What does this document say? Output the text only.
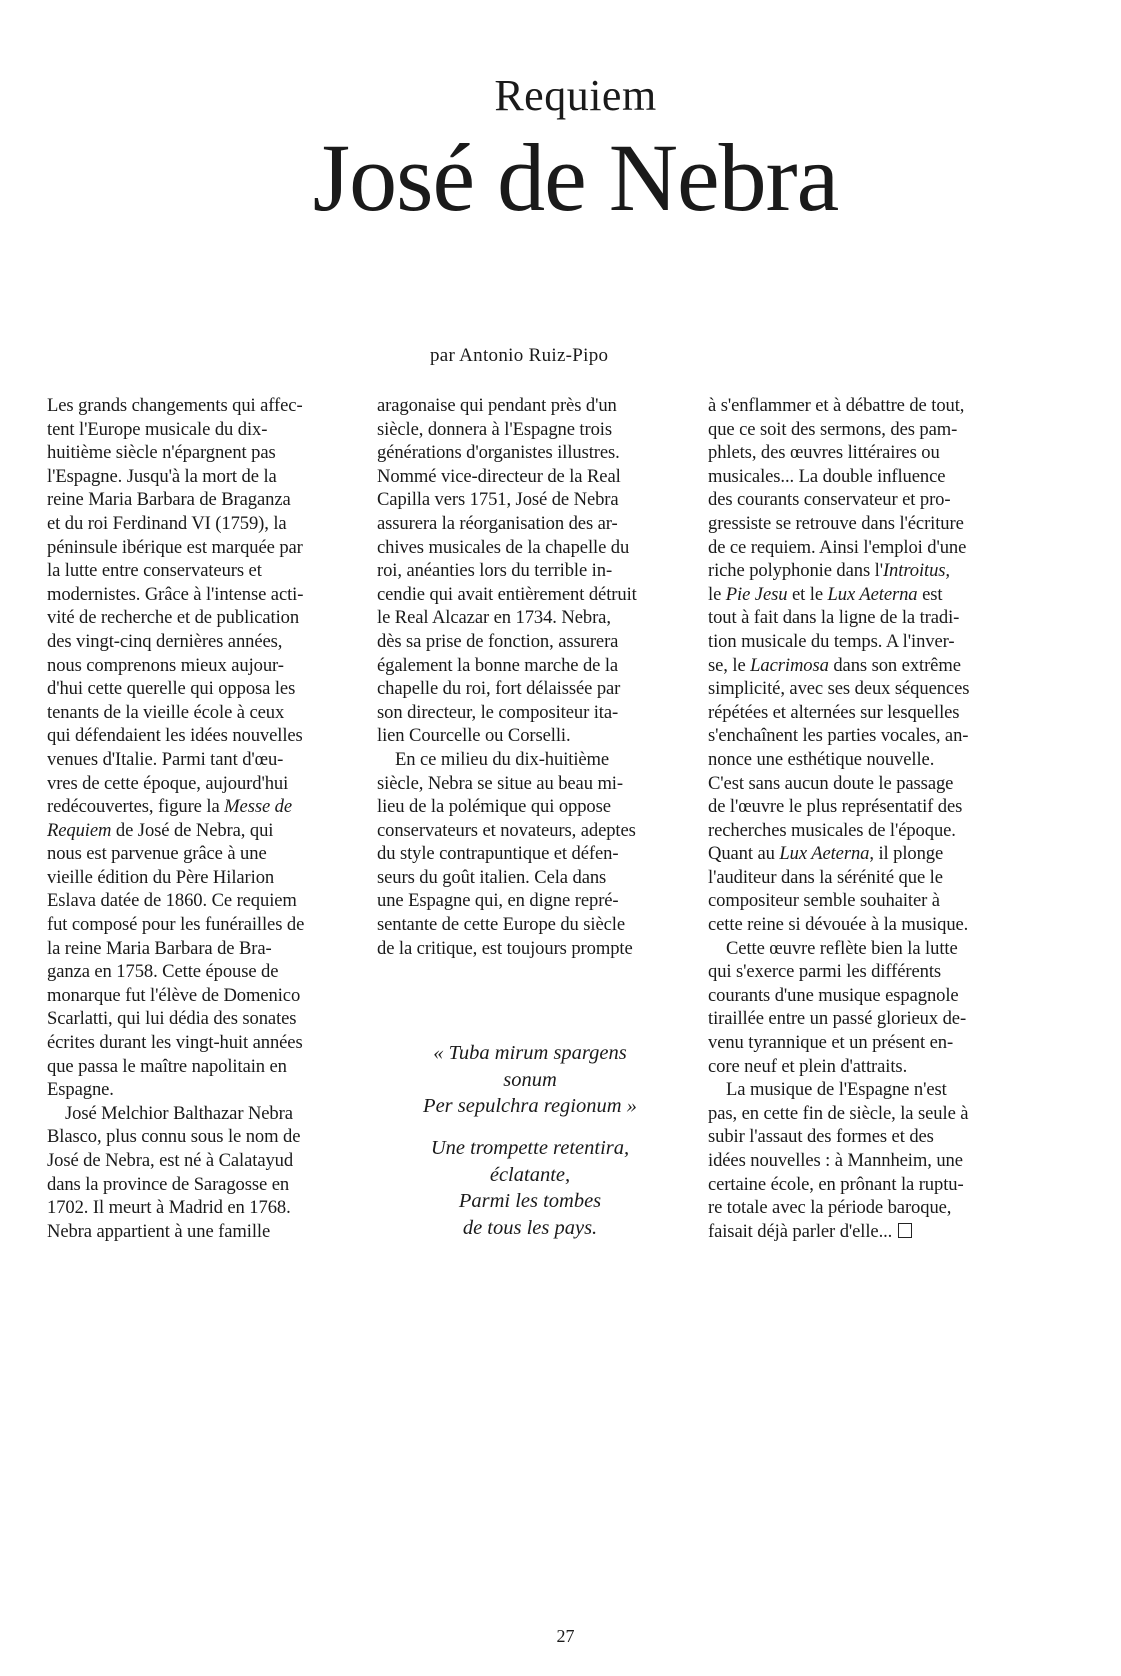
Requiem
José de Nebra
par Antonio Ruiz-Pipo
Les grands changements qui affec-
tent l'Europe musicale du dix-
huitième siècle n'épargnent pas
l'Espagne. Jusqu'à la mort de la
reine Maria Barbara de Braganza
et du roi Ferdinand VI (1759), la
péninsule ibérique est marquée par
la lutte entre conservateurs et
modernistes. Grâce à l'intense acti-
vité de recherche et de publication
des vingt-cinq dernières années,
nous comprenons mieux aujour-
d'hui cette querelle qui opposa les
tenants de la vieille école à ceux
qui défendaient les idées nouvelles
venues d'Italie. Parmi tant d'œu-
vres de cette époque, aujourd'hui
redécouvertes, figure la Messe de
Requiem de José de Nebra, qui
nous est parvenue grâce à une
vieille édition du Père Hilarion
Eslava datée de 1860. Ce requiem
fut composé pour les funérailles de
la reine Maria Barbara de Bra-
ganza en 1758. Cette épouse de
monarque fut l'élève de Domenico
Scarlatti, qui lui dédia des sonates
écrites durant les vingt-huit années
que passa le maître napolitain en
Espagne.
José Melchior Balthazar Nebra
Blasco, plus connu sous le nom de
José de Nebra, est né à Calatayud
dans la province de Saragosse en
1702. Il meurt à Madrid en 1768.
Nebra appartient à une famille
aragonaise qui pendant près d'un
siècle, donnera à l'Espagne trois
générations d'organistes illustres.
Nommé vice-directeur de la Real
Capilla vers 1751, José de Nebra
assurera la réorganisation des ar-
chives musicales de la chapelle du
roi, anéanties lors du terrible in-
cendie qui avait entièrement détruit
le Real Alcazar en 1734. Nebra,
dès sa prise de fonction, assurera
également la bonne marche de la
chapelle du roi, fort délaissée par
son directeur, le compositeur ita-
lien Courcelle ou Corselli.
En ce milieu du dix-huitième
siècle, Nebra se situe au beau mi-
lieu de la polémique qui oppose
conservateurs et novateurs, adeptes
du style contrapuntique et défen-
seurs du goût italien. Cela dans
une Espagne qui, en digne repré-
sentante de cette Europe du siècle
de la critique, est toujours prompte
à s'enflammer et à débattre de tout,
que ce soit des sermons, des pam-
phlets, des œuvres littéraires ou
musicales... La double influence
des courants conservateur et pro-
gressiste se retrouve dans l'écriture
de ce requiem. Ainsi l'emploi d'une
riche polyphonie dans l'Introitus,
le Pie Jesu et le Lux Aeterna est
tout à fait dans la ligne de la tradi-
tion musicale du temps. A l'inver-
se, le Lacrimosa dans son extrême
simplicité, avec ses deux séquences
répétées et alternées sur lesquelles
s'enchaînent les parties vocales, an-
nonce une esthétique nouvelle.
C'est sans aucun doute le passage
de l'œuvre le plus représentatif des
recherches musicales de l'époque.
Quant au Lux Aeterna, il plonge
l'auditeur dans la sérénité que le
compositeur semble souhaiter à
cette reine si dévouée à la musique.
Cette œuvre reflète bien la lutte
qui s'exerce parmi les différents
courants d'une musique espagnole
tiraillée entre un passé glorieux de-
venu tyrannique et un présent en-
core neuf et plein d'attraits.
La musique de l'Espagne n'est
pas, en cette fin de siècle, la seule à
subir l'assaut des formes et des
idées nouvelles : à Mannheim, une
certaine école, en prônant la ruptu-
re totale avec la période baroque,
faisait déjà parler d'elle...
« Tuba mirum spargens
sonum
Per sepulchra regionum »
Une trompette retentira,
éclatante,
Parmi les tombes
de tous les pays.
27
